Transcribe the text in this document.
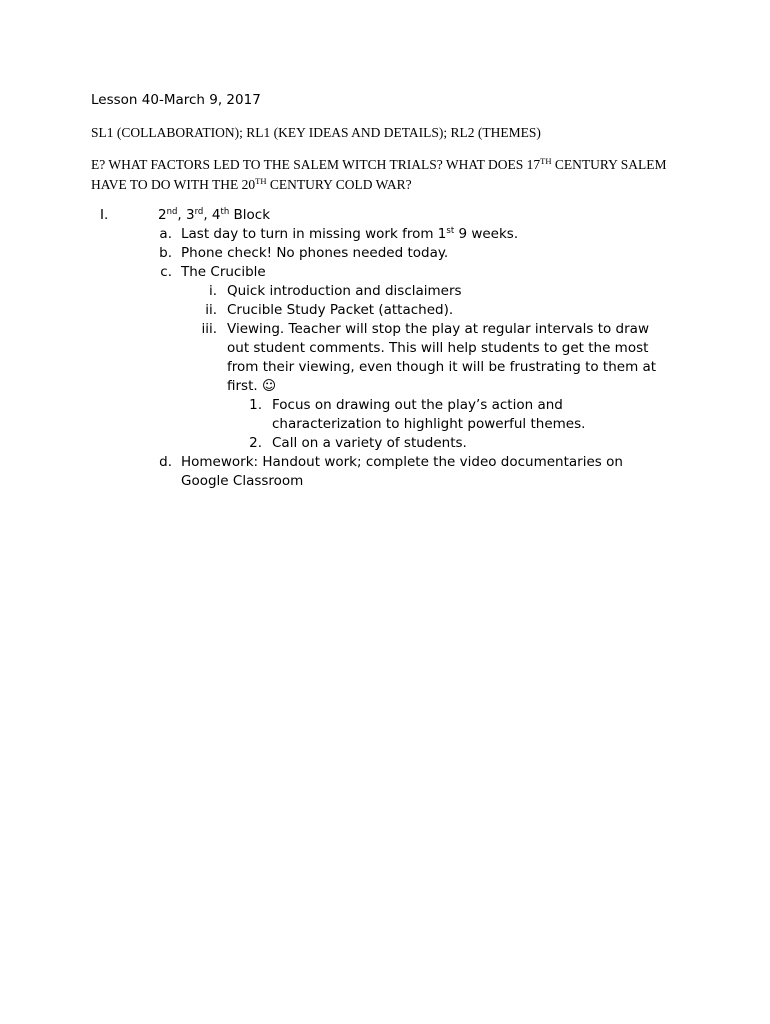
Lesson 40-March 9, 2017
SL1 (COLLABORATION); RL1 (KEY IDEAS AND DETAILS); RL2 (THEMES)
E? WHAT FACTORS LED TO THE SALEM WITCH TRIALS? WHAT DOES 17TH CENTURY SALEM HAVE TO DO WITH THE 20TH CENTURY COLD WAR?
I.	2nd, 3rd, 4th Block
a. Last day to turn in missing work from 1st 9 weeks.
b. Phone check! No phones needed today.
c. The Crucible
i. Quick introduction and disclaimers
ii. Crucible Study Packet (attached).
iii. Viewing. Teacher will stop the play at regular intervals to draw
out student comments. This will help students to get the most
from their viewing, even though it will be frustrating to them at
first. ☺
1. Focus on drawing out the play’s action and
characterization to highlight powerful themes.
2. Call on a variety of students.
d. Homework: Handout work; complete the video documentaries on
Google Classroom
